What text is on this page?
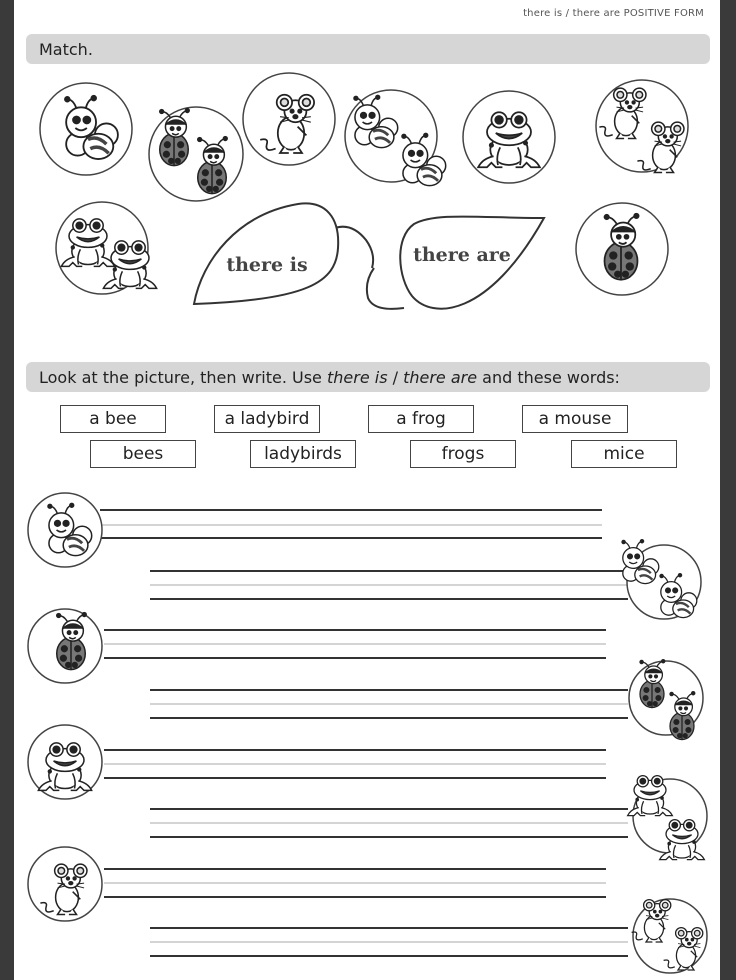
there is / there are POSITIVE FORM
Match.
Look at the picture, then write. Use there is / there are and these words:
a bee	a ladybird	a frog	a mouse
bees	ladybirds	frogs	mice
there is	there are
